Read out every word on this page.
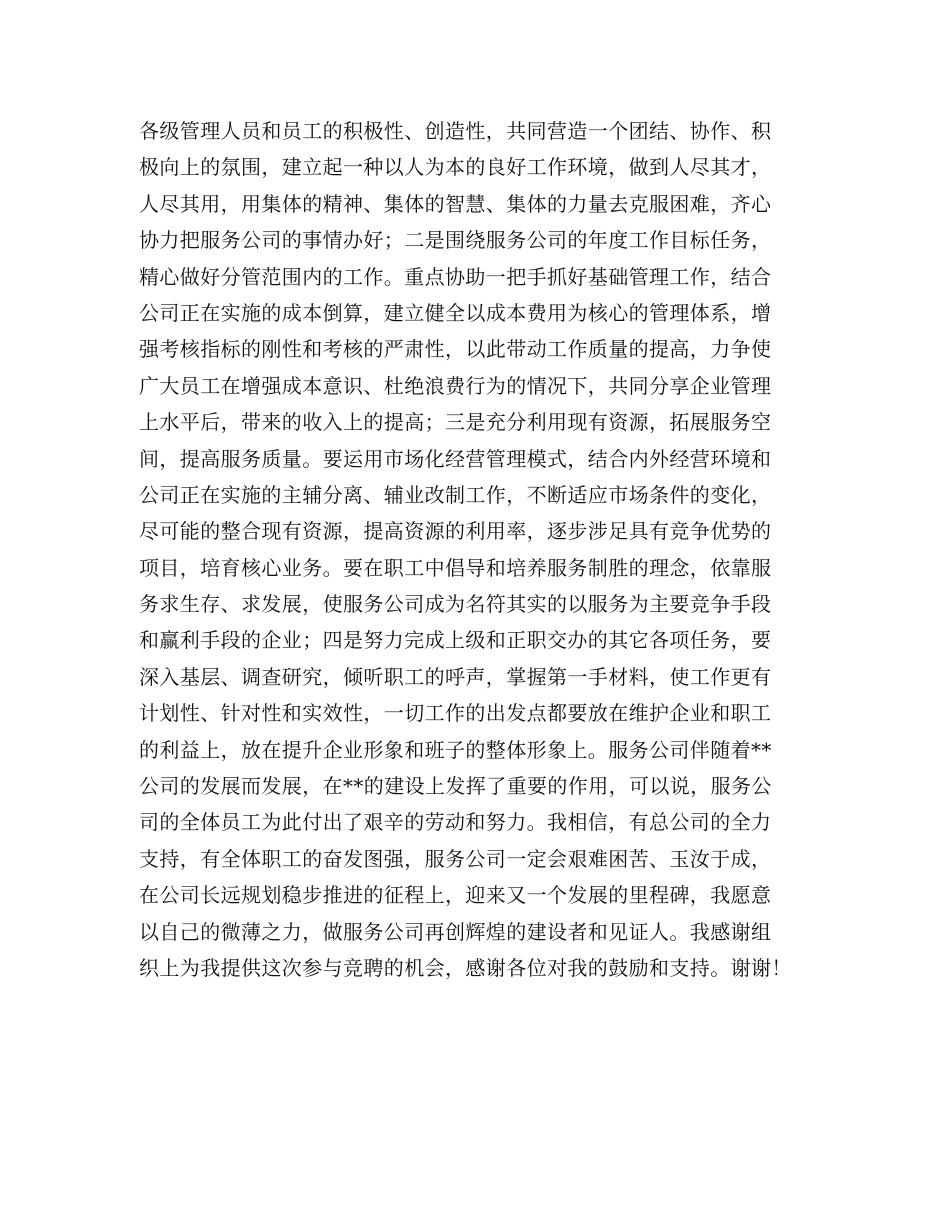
各级管理人员和员工的积极性、创造性，共同营造一个团结、协作、积
极向上的氛围，建立起一种以人为本的良好工作环境，做到人尽其才，
人尽其用，用集体的精神、集体的智慧、集体的力量去克服困难，齐心
协力把服务公司的事情办好；二是围绕服务公司的年度工作目标任务，
精心做好分管范围内的工作。重点协助一把手抓好基础管理工作，结合
公司正在实施的成本倒算，建立健全以成本费用为核心的管理体系，增
强考核指标的刚性和考核的严肃性，以此带动工作质量的提高，力争使
广大员工在增强成本意识、杜绝浪费行为的情况下，共同分享企业管理
上水平后，带来的收入上的提高；三是充分利用现有资源，拓展服务空
间，提高服务质量。要运用市场化经营管理模式，结合内外经营环境和
公司正在实施的主辅分离、辅业改制工作，不断适应市场条件的变化，
尽可能的整合现有资源，提高资源的利用率，逐步涉足具有竞争优势的
项目，培育核心业务。要在职工中倡导和培养服务制胜的理念，依靠服
务求生存、求发展，使服务公司成为名符其实的以服务为主要竞争手段
和赢利手段的企业；四是努力完成上级和正职交办的其它各项任务，要
深入基层、调查研究，倾听职工的呼声，掌握第一手材料，使工作更有
计划性、针对性和实效性，一切工作的出发点都要放在维护企业和职工
的利益上，放在提升企业形象和班子的整体形象上。服务公司伴随着**
公司的发展而发展，在**的建设上发挥了重要的作用，可以说，服务公
司的全体员工为此付出了艰辛的劳动和努力。我相信，有总公司的全力
支持，有全体职工的奋发图强，服务公司一定会艰难困苦、玉汝于成，
在公司长远规划稳步推进的征程上，迎来又一个发展的里程碑，我愿意
以自己的微薄之力，做服务公司再创辉煌的建设者和见证人。我感谢组
织上为我提供这次参与竞聘的机会，感谢各位对我的鼓励和支持。谢谢！
